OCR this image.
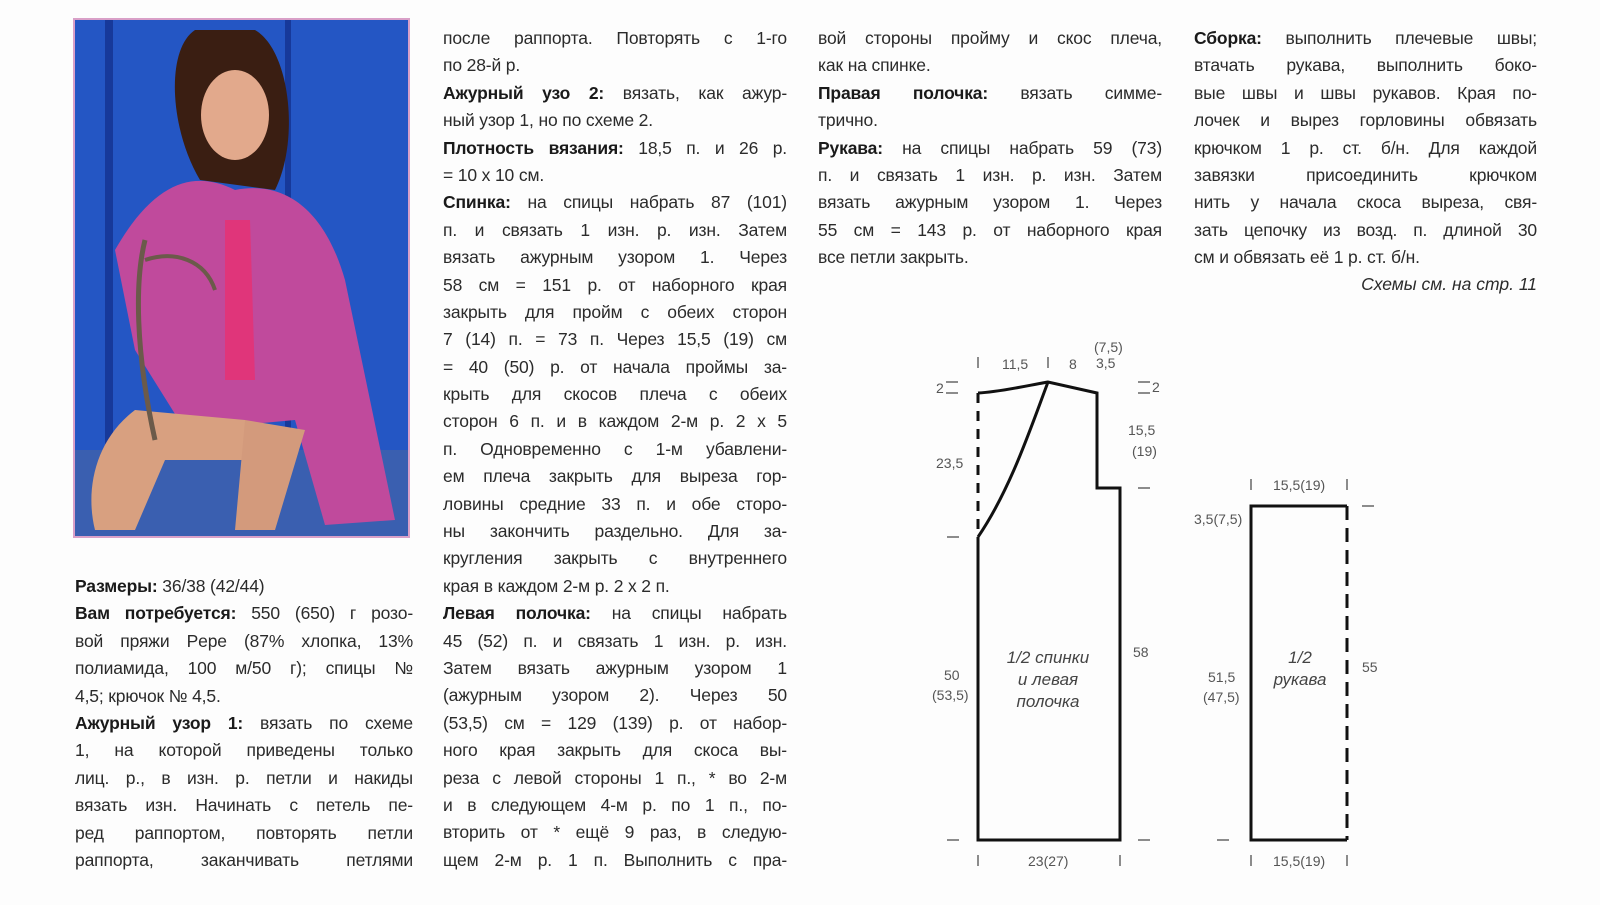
Размеры: 36/38 (42/44)
Вам потребуется: 550 (650) г розо-
вой пряжи Pepe (87% хлопка, 13%
полиамида, 100 м/50 г); спицы №
4,5; крючок № 4,5.
Ажурный узор 1: вязать по схеме
1, на которой приведены только
лиц. р., в изн. р. петли и накиды
вязать изн. Начинать с петель пе-
ред раппортом, повторять петли
раппорта, заканчивать петлями
после раппорта. Повторять с 1-го
по 28-й р.
Ажурный узо 2: вязать, как ажур-
ный узор 1, но по схеме 2.
Плотность вязания: 18,5 п. и 26 р.
= 10 х 10 см.
Спинка: на спицы набрать 87 (101)
п. и связать 1 изн. р. изн. Затем
вязать ажурным узором 1. Через
58 см = 151 р. от наборного края
закрыть для пройм с обеих сторон
7 (14) п. = 73 п. Через 15,5 (19) см
= 40 (50) р. от начала проймы за-
крыть для скосов плеча с обеих
сторон 6 п. и в каждом 2-м р. 2 х 5
п. Одновременно с 1-м убавлени-
ем плеча закрыть для выреза гор-
ловины средние 33 п. и обе сторо-
ны закончить раздельно. Для за-
кругления закрыть с внутреннего
края в каждом 2-м р. 2 х 2 п.
Левая полочка: на спицы набрать
45 (52) п. и связать 1 изн. р. изн.
Затем вязать ажурным узором 1
(ажурным узором 2). Через 50
(53,5) см = 129 (139) р. от набор-
ного края закрыть для скоса вы-
реза с левой стороны 1 п., * во 2-м
и в следующем 4-м р. по 1 п., по-
вторить от * ещё 9 раз, в следую-
щем 2-м р. 1 п. Выполнить с пра-
вой стороны пройму и скос плеча,
как на спинке.
Правая полочка: вязать симме-
трично.
Рукава: на спицы набрать 59 (73)
п. и связать 1 изн. р. изн. Затем
вязать ажурным узором 1. Через
55 см = 143 р. от наборного края
все петли закрыть.
Сборка: выполнить плечевые швы;
втачать рукава, выполнить боко-
вые швы и швы рукавов. Края по-
лочек и вырез горловины обвязать
крючком 1 р. ст. б/н. Для каждой
завязки присоединить крючком
нить у начала скоса выреза, свя-
зать цепочку из возд. п. длиной 30
см и обвязать её 1 р. ст. б/н.
Схемы см. на стр. 11
11,5	8
(7,5)
3,5
2	2
15,5
(19)
23,5
50
(53,5)
58
23(27)
1/2 спинки
и левая
полочка
15,5(19)
3,5(7,5)
51,5
(47,5)
55
15,5(19)
1/2
рукава
